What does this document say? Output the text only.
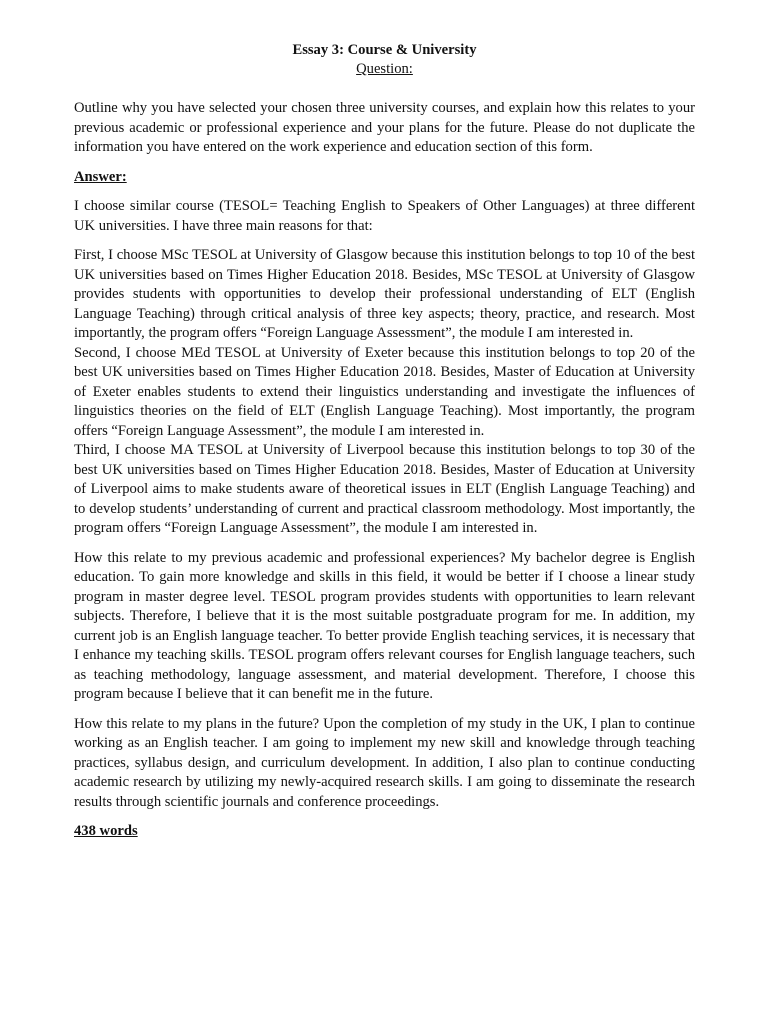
Essay 3: Course & University
Question:

Outline why you have selected your chosen three university courses, and explain how this relates to your previous academic or professional experience and your plans for the future. Please do not duplicate the information you have entered on the work experience and education section of this form.

Answer:

I choose similar course (TESOL= Teaching English to Speakers of Other Languages) at three different UK universities. I have three main reasons for that:

First, I choose MSc TESOL at University of Glasgow because this institution belongs to top 10 of the best UK universities based on Times Higher Education 2018. Besides, MSc TESOL at University of Glasgow provides students with opportunities to develop their professional understanding of ELT (English Language Teaching) through critical analysis of three key aspects; theory, practice, and research. Most importantly, the program offers “Foreign Language Assessment”, the module I am interested in.

Second, I choose MEd TESOL at University of Exeter because this institution belongs to top 20 of the best UK universities based on Times Higher Education 2018. Besides, Master of Education at University of Exeter enables students to extend their linguistics understanding and investigate the influences of linguistics theories on the field of ELT (English Language Teaching). Most importantly, the program offers “Foreign Language Assessment”, the module I am interested in.

Third, I choose MA TESOL at University of Liverpool because this institution belongs to top 30 of the best UK universities based on Times Higher Education 2018. Besides, Master of Education at University of Liverpool aims to make students aware of theoretical issues in ELT (English Language Teaching) and to develop students’ understanding of current and practical classroom methodology. Most importantly, the program offers “Foreign Language Assessment”, the module I am interested in.

How this relate to my previous academic and professional experiences? My bachelor degree is English education. To gain more knowledge and skills in this field, it would be better if I choose a linear study program in master degree level. TESOL program provides students with opportunities to learn relevant subjects. Therefore, I believe that it is the most suitable postgraduate program for me. In addition, my current job is an English language teacher. To better provide English teaching services, it is necessary that I enhance my teaching skills. TESOL program offers relevant courses for English language teachers, such as teaching methodology, language assessment, and material development. Therefore, I choose this program because I believe that it can benefit me in the future.

How this relate to my plans in the future? Upon the completion of my study in the UK, I plan to continue working as an English teacher. I am going to implement my new skill and knowledge through teaching practices, syllabus design, and curriculum development. In addition, I also plan to continue conducting academic research by utilizing my newly-acquired research skills. I am going to disseminate the research results through scientific journals and conference proceedings.

438 words
